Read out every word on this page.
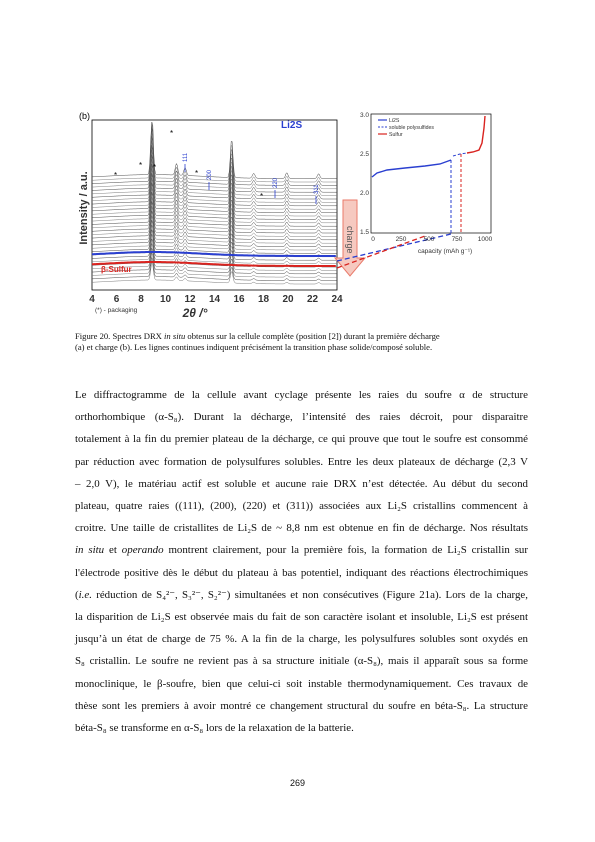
(b)
Intensity / a.u.
4 6 8 10 12 14 16 18 20 22 24
2θ /°
(*) - packaging
Li2S
β-Sulfur
111
200
220
311
*
* *
*
*
*
charge
3.0
2.5
2.0
1.5
0	250	500	750 1000
capacity (mAh g⁻¹)
Li2S
soluble polysulfides
Sulfur
Figure 20. Spectres DRX in situ obtenus sur la cellule complète (position [2]) durant la première décharge
(a) et charge (b). Les lignes continues indiquent précisément la transition phase solide/composé soluble.
Le diffractogramme de la cellule avant cyclage présente les raies du soufre α de structure
orthorhombique (α-S₈). Durant la décharge, l’intensité des raies décroit, pour disparaitre
totalement à la fin du premier plateau de la décharge, ce qui prouve que tout le soufre est consommé
par réduction avec formation de polysulfures solubles. Entre les deux plateaux de décharge (2,3 V
– 2,0 V), le matériau actif est soluble et aucune raie DRX n’est détectée. Au début du second
plateau, quatre raies ((111), (200), (220) et (311)) associées aux Li₂S cristallins commencent à
croitre. Une taille de cristallites de Li₂S de ~ 8,8 nm est obtenue en fin de décharge. Nos résultats
in situ et operando montrent clairement, pour la première fois, la formation de Li₂S cristallin sur
l'électrode positive dès le début du plateau à bas potentiel, indiquant des réactions électrochimiques
(i.e. réduction de S₄²⁻, S₃²⁻, S₂²⁻) simultanées et non consécutives (Figure 21a). Lors de la charge,
la disparition de Li₂S est observée mais du fait de son caractère isolant et insoluble, Li₂S est présent
jusqu’à un état de charge de 75 %. A la fin de la charge, les polysulfures solubles sont oxydés en
S₈ cristallin. Le soufre ne revient pas à sa structure initiale (α-S₈), mais il apparaît sous sa forme
monoclinique, le β-soufre, bien que celui-ci soit instable thermodynamiquement. Ces travaux de
thèse sont les premiers à avoir montré ce changement structural du soufre en béta-S₈. La structure
béta-S₈ se transforme en α-S₈ lors de la relaxation de la batterie.
269
